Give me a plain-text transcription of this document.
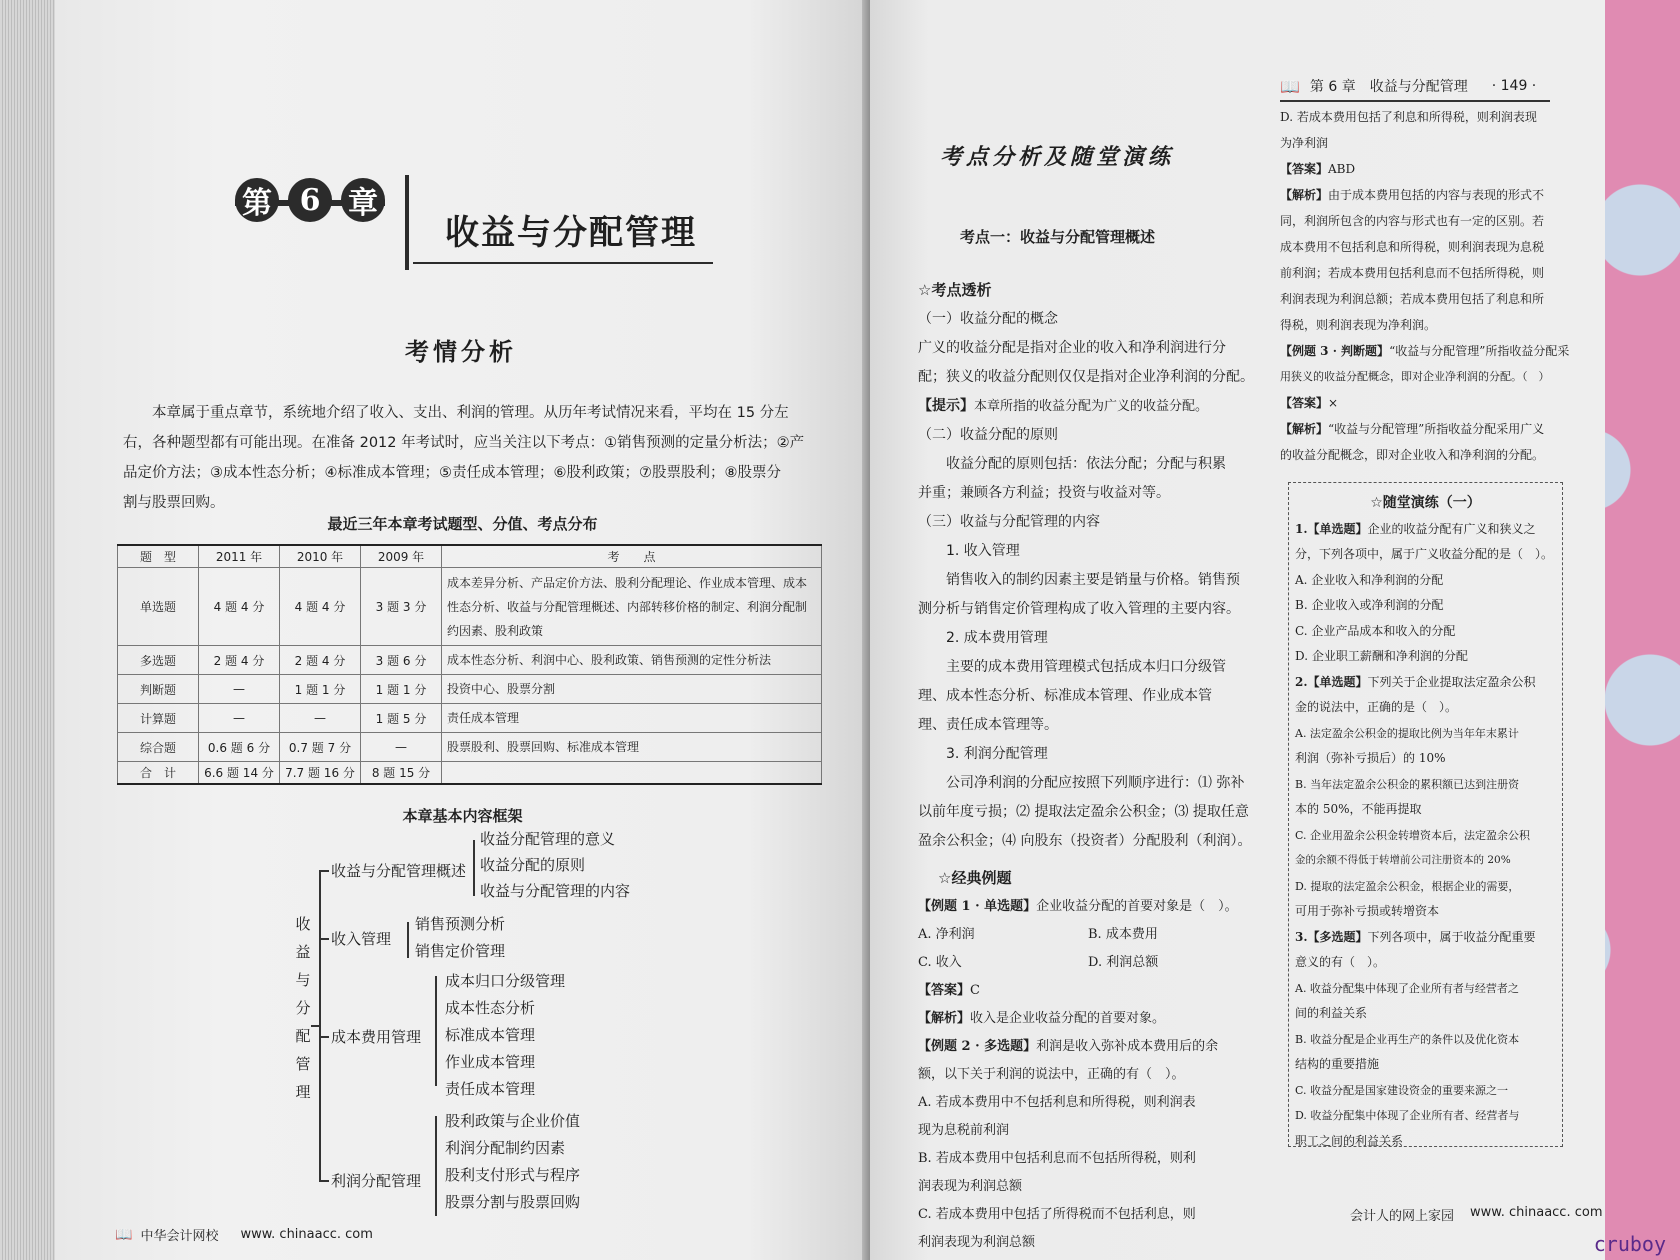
第 6 章
收益与分配管理
考情分析
本章属于重点章节，系统地介绍了收入、支出、利润的管理。从历年考试情况来看，平均在 15 分左
右，各种题型都有可能出现。在准备 2012 年考试时，应当关注以下考点：①销售预测的定量分析法；②产
品定价方法；③成本性态分析；④标准成本管理；⑤责任成本管理；⑥股利政策；⑦股票股利；⑧股票分
割与股票回购。
最近三年本章考试题型、分值、考点分布
题　型	2011 年	2010 年	2009 年	考　　点
单选题	4 题 4 分	4 题 4 分	3 题 3 分	成本差异分析、产品定价方法、股利分配理论、作业成本管理、成本性态分析、收益与分配管理概述、内部转移价格的制定、利润分配制约因素、股利政策
多选题	2 题 4 分	2 题 4 分	3 题 6 分	成本性态分析、利润中心、股利政策、销售预测的定性分析法
判断题	—	1 题 1 分	1 题 1 分	投资中心、股票分割
计算题	—	—	1 题 5 分	责任成本管理
综合题	0.6 题 6 分	0.7 题 7 分	—	股票股利、股票回购、标准成本管理
合　计	6.6 题 14 分	7.7 题 16 分	8 题 15 分	
本章基本内容框架
收益与分配管理
收益与分配管理概述
收益分配管理的意义
收益分配的原则
收益与分配管理的内容
收入管理
销售预测分析
销售定价管理
成本费用管理
成本归口分级管理
成本性态分析
标准成本管理
作业成本管理
责任成本管理
利润分配管理
股利政策与企业价值
利润分配制约因素
股利支付形式与程序
股票分割与股票回购
📖 中华会计网校 www. chinaacc. com
📖 第 6 章　收益与分配管理 · 149 ·
考点分析及随堂演练
考点一：收益与分配管理概述
☆考点透析
（一）收益分配的概念
广义的收益分配是指对企业的收入和净利润进行分
配；狭义的收益分配则仅仅是指对企业净利润的分配。
【提示】本章所指的收益分配为广义的收益分配。
（二）收益分配的原则
收益分配的原则包括：依法分配；分配与积累
并重；兼顾各方利益；投资与收益对等。
（三）收益与分配管理的内容
1. 收入管理
销售收入的制约因素主要是销量与价格。销售预
测分析与销售定价管理构成了收入管理的主要内容。
2. 成本费用管理
主要的成本费用管理模式包括成本归口分级管
理、成本性态分析、标准成本管理、作业成本管
理、责任成本管理等。
3. 利润分配管理
公司净利润的分配应按照下列顺序进行：⑴ 弥补
以前年度亏损；⑵ 提取法定盈余公积金；⑶ 提取任意
盈余公积金；⑷ 向股东（投资者）分配股利（利润）。
☆经典例题
【例题 1 · 单选题】企业收益分配的首要对象是（　）。
A. 净利润	B. 成本费用
C. 收入	D. 利润总额
【答案】C
【解析】收入是企业收益分配的首要对象。
【例题 2 · 多选题】利润是收入弥补成本费用后的余
额，以下关于利润的说法中，正确的有（　）。
A. 若成本费用中不包括利息和所得税，则利润表
现为息税前利润
B. 若成本费用中包括利息而不包括所得税，则利
润表现为利润总额
C. 若成本费用中包括了所得税而不包括利息，则
利润表现为利润总额
D. 若成本费用包括了利息和所得税，则利润表现
为净利润
【答案】ABD
【解析】由于成本费用包括的内容与表现的形式不
同，利润所包含的内容与形式也有一定的区别。若
成本费用不包括利息和所得税，则利润表现为息税
前利润；若成本费用包括利息而不包括所得税，则
利润表现为利润总额；若成本费用包括了利息和所
得税，则利润表现为净利润。
【例题 3 · 判断题】“收益与分配管理”所指收益分配采
用狭义的收益分配概念，即对企业净利润的分配。（　）
【答案】×
【解析】“收益与分配管理”所指收益分配采用广义
的收益分配概念，即对企业收入和净利润的分配。
☆随堂演练（一）
1.【单选题】企业的收益分配有广义和狭义之
分，下列各项中，属于广义收益分配的是（　）。
A. 企业收入和净利润的分配
B. 企业收入或净利润的分配
C. 企业产品成本和收入的分配
D. 企业职工薪酬和净利润的分配
2.【单选题】下列关于企业提取法定盈余公积
金的说法中，正确的是（　）。
A. 法定盈余公积金的提取比例为当年年末累计
利润（弥补亏损后）的 10%
B. 当年法定盈余公积金的累积额已达到注册资
本的 50%，不能再提取
C. 企业用盈余公积金转增资本后，法定盈余公积
金的余额不得低于转增前公司注册资本的 20%
D. 提取的法定盈余公积金，根据企业的需要，
可用于弥补亏损或转增资本
3.【多选题】下列各项中，属于收益分配重要
意义的有（　）。
A. 收益分配集中体现了企业所有者与经营者之
间的利益关系
B. 收益分配是企业再生产的条件以及优化资本
结构的重要措施
C. 收益分配是国家建设资金的重要来源之一
D. 收益分配集中体现了企业所有者、经营者与
职工之间的利益关系
会计人的网上家园 www. chinaacc. com
cruboy
